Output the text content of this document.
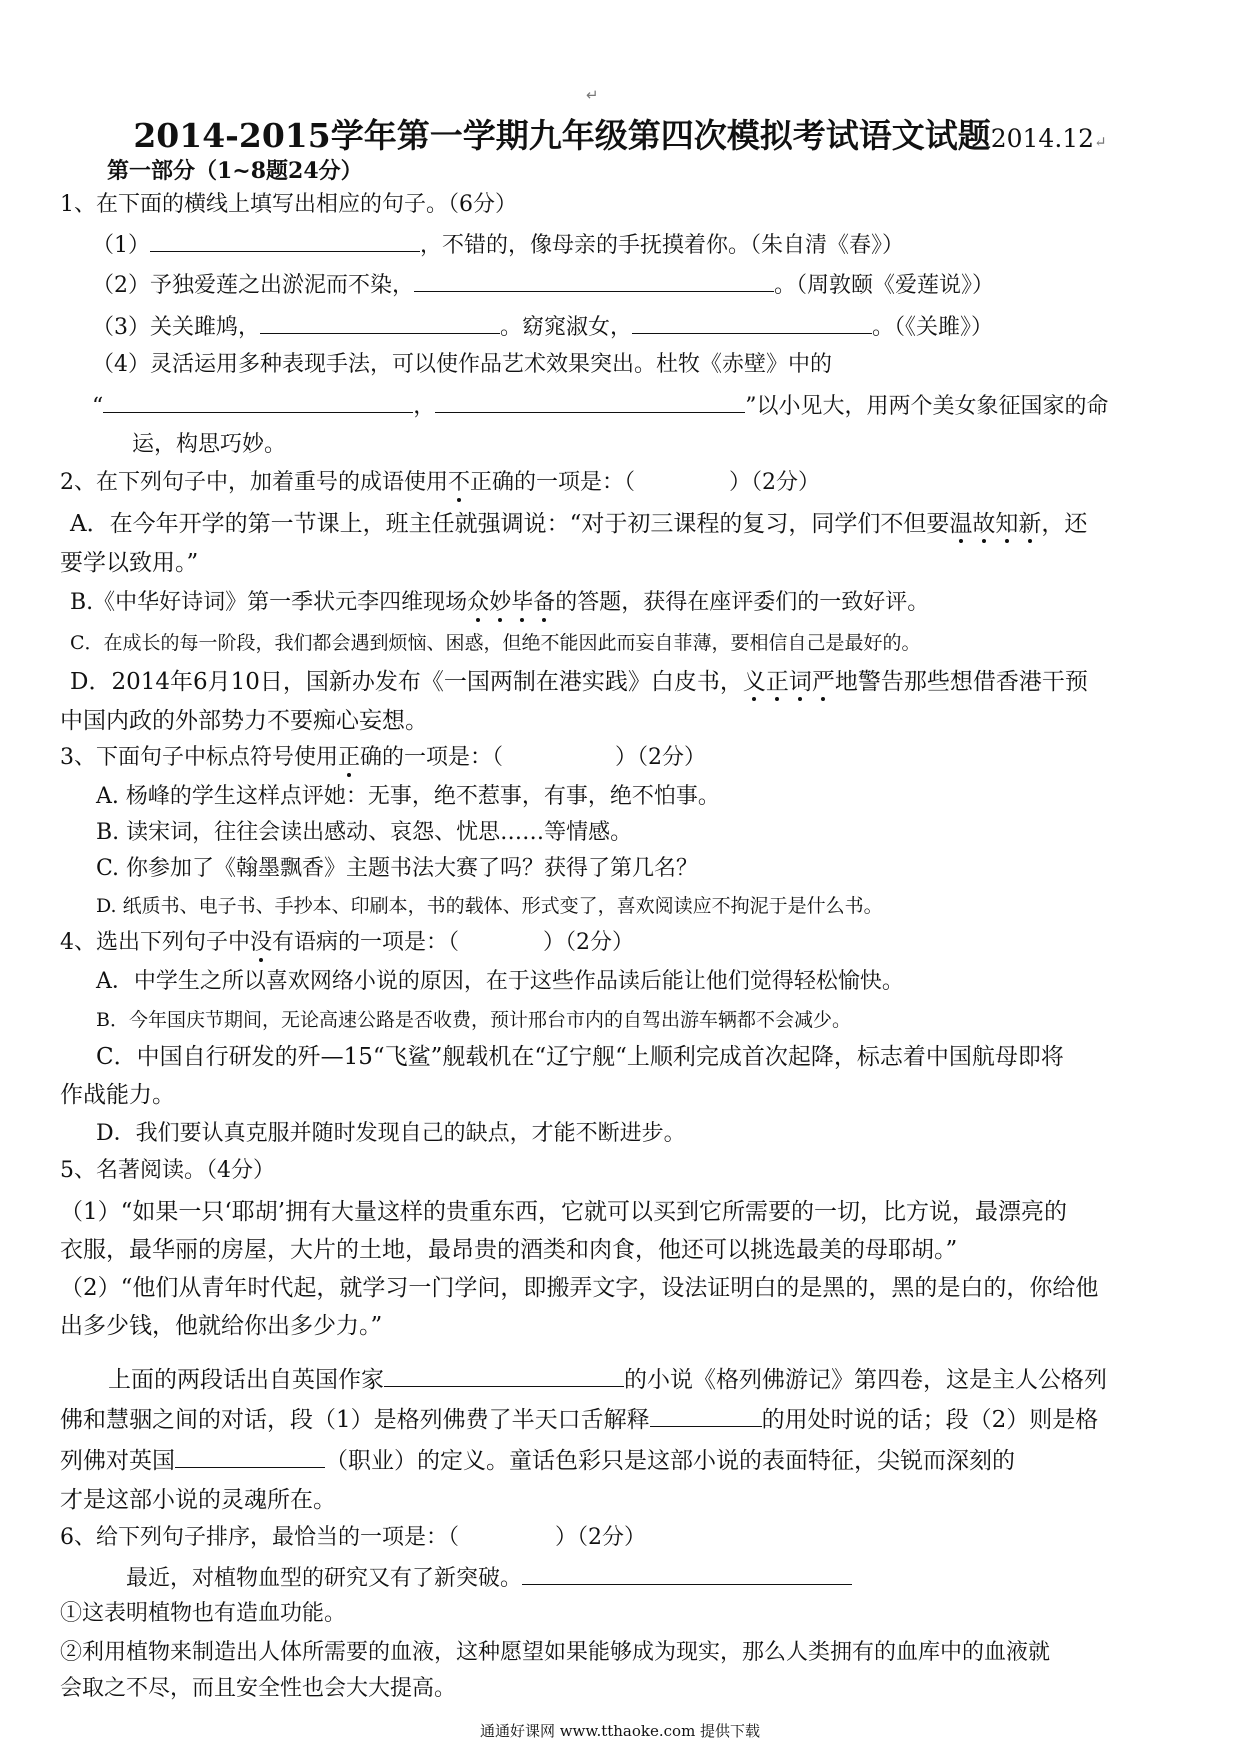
↵
2014-2015学年第一学期九年级第四次模拟考试语文试题2014.12↵
第一部分（1~8题24分）
1、在下面的横线上填写出相应的句子。（6分）
（1）	，不错的，像母亲的手抚摸着你。（朱自清《春》）
（2）予独爱莲之出淤泥而不染，	。（周敦颐《爱莲说》）
（3）关关雎鸠，	。窈窕淑女，	。（《关雎》）
（4）灵活运用多种表现手法，可以使作品艺术效果突出。杜牧《赤壁》中的
“	，	”以小见大，用两个美女象征国家的命
运，构思巧妙。
2、在下列句子中，加着重号的成语使用不正确的一项是：（	）（2分）
A．在今年开学的第一节课上，班主任就强调说：“对于初三课程的复习，同学们不但要温故知新，还
要学以致用。”
B.《中华好诗词》第一季状元李四维现场众妙毕备的答题，获得在座评委们的一致好评。
C．在成长的每一阶段，我们都会遇到烦恼、困惑，但绝不能因此而妄自菲薄，要相信自己是最好的。
D．2014年6月10日，国新办发布《一国两制在港实践》白皮书，义正词严地警告那些想借香港干预
中国内政的外部势力不要痴心妄想。
3、下面句子中标点符号使用正确的一项是：（	）（2分）
A. 杨峰的学生这样点评她：无事，绝不惹事，有事，绝不怕事。
B. 读宋词，往往会读出感动、哀怨、忧思……等情感。
C. 你参加了《翰墨飘香》主题书法大赛了吗？获得了第几名？
D. 纸质书、电子书、手抄本、印刷本，书的载体、形式变了，喜欢阅读应不拘泥于是什么书。
4、选出下列句子中没有语病的一项是：（	）（2分）
A．中学生之所以喜欢网络小说的原因，在于这些作品读后能让他们觉得轻松愉快。
B．今年国庆节期间，无论高速公路是否收费，预计邢台市内的自驾出游车辆都不会减少。
C．中国自行研发的歼—15“飞鲨”舰载机在“辽宁舰“上顺利完成首次起降，标志着中国航母即将
作战能力。
D．我们要认真克服并随时发现自己的缺点，才能不断进步。
5、名著阅读。（4分）
（1）“如果一只‘耶胡’拥有大量这样的贵重东西，它就可以买到它所需要的一切，比方说，最漂亮的
衣服，最华丽的房屋，大片的土地，最昂贵的酒类和肉食，他还可以挑选最美的母耶胡。”
（2）“他们从青年时代起，就学习一门学问，即搬弄文字，设法证明白的是黑的，黑的是白的，你给他
出多少钱，他就给你出多少力。”
上面的两段话出自英国作家	的小说《格列佛游记》第四卷，这是主人公格列
佛和慧骃之间的对话，段（1）是格列佛费了半天口舌解释	的用处时说的话；段（2）则是格
列佛对英国	（职业）的定义。童话色彩只是这部小说的表面特征，尖锐而深刻的
才是这部小说的灵魂所在。
6、给下列句子排序，最恰当的一项是：（	）（2分）
最近，对植物血型的研究又有了新突破。
①这表明植物也有造血功能。
②利用植物来制造出人体所需要的血液，这种愿望如果能够成为现实，那么人类拥有的血库中的血液就
会取之不尽，而且安全性也会大大提高。
通通好课网 www.tthaoke.com 提供下载
